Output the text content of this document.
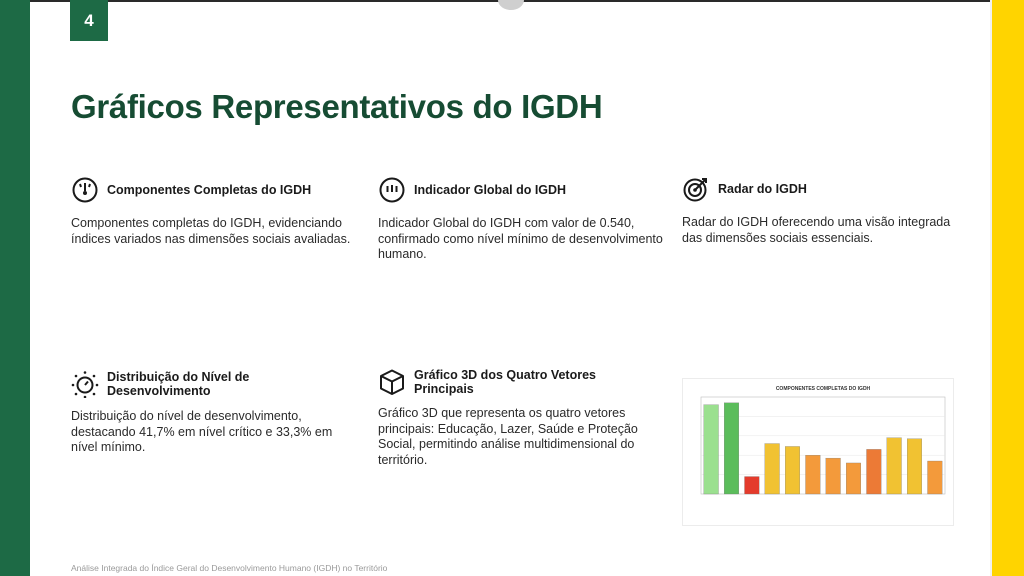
4
Gráficos Representativos do IGDH
Componentes Completas do IGDH
Componentes completas do IGDH, evidenciando índices variados nas dimensões sociais avaliadas.
Indicador Global do IGDH
Indicador Global do IGDH com valor de 0.540, confirmado como nível mínimo de desenvolvimento humano.
Radar do IGDH
Radar do IGDH oferecendo uma visão integrada das dimensões sociais essenciais.
Distribuição do Nível de Desenvolvimento
Distribuição do nível de desenvolvimento, destacando 41,7% em nível crítico e 33,3% em nível mínimo.
Gráfico 3D dos Quatro Vetores Principais
Gráfico 3D que representa os quatro vetores principais: Educação, Lazer, Saúde e Proteção Social, permitindo análise multidimensional do território.
COMPONENTES COMPLETAS DO IGDH
Análise Integrada do Índice Geral do Desenvolvimento Humano (IGDH) no Território
